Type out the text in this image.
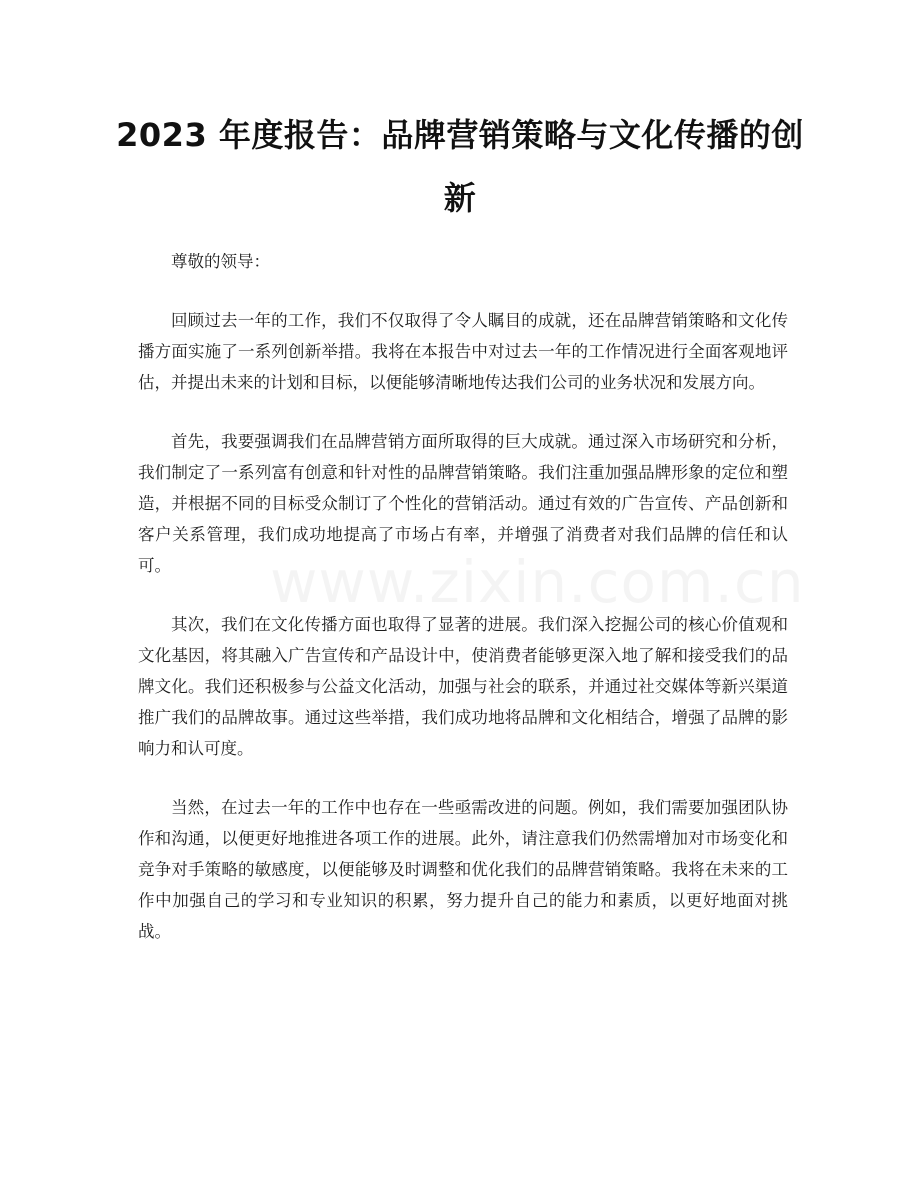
2023 年度报告：品牌营销策略与文化传播的创新

尊敬的领导：

回顾过去一年的工作，我们不仅取得了令人瞩目的成就，还在品牌营销策略和文化传播方面实施了一系列创新举措。我将在本报告中对过去一年的工作情况进行全面客观地评估，并提出未来的计划和目标，以便能够清晰地传达我们公司的业务状况和发展方向。

首先，我要强调我们在品牌营销方面所取得的巨大成就。通过深入市场研究和分析，我们制定了一系列富有创意和针对性的品牌营销策略。我们注重加强品牌形象的定位和塑造，并根据不同的目标受众制订了个性化的营销活动。通过有效的广告宣传、产品创新和客户关系管理，我们成功地提高了市场占有率，并增强了消费者对我们品牌的信任和认可。

其次，我们在文化传播方面也取得了显著的进展。我们深入挖掘公司的核心价值观和文化基因，将其融入广告宣传和产品设计中，使消费者能够更深入地了解和接受我们的品牌文化。我们还积极参与公益文化活动，加强与社会的联系，并通过社交媒体等新兴渠道推广我们的品牌故事。通过这些举措，我们成功地将品牌和文化相结合，增强了品牌的影响力和认可度。

当然，在过去一年的工作中也存在一些亟需改进的问题。例如，我们需要加强团队协作和沟通，以便更好地推进各项工作的进展。此外，请注意我们仍然需增加对市场变化和竞争对手策略的敏感度，以便能够及时调整和优化我们的品牌营销策略。我将在未来的工作中加强自己的学习和专业知识的积累，努力提升自己的能力和素质，以更好地面对挑战。
